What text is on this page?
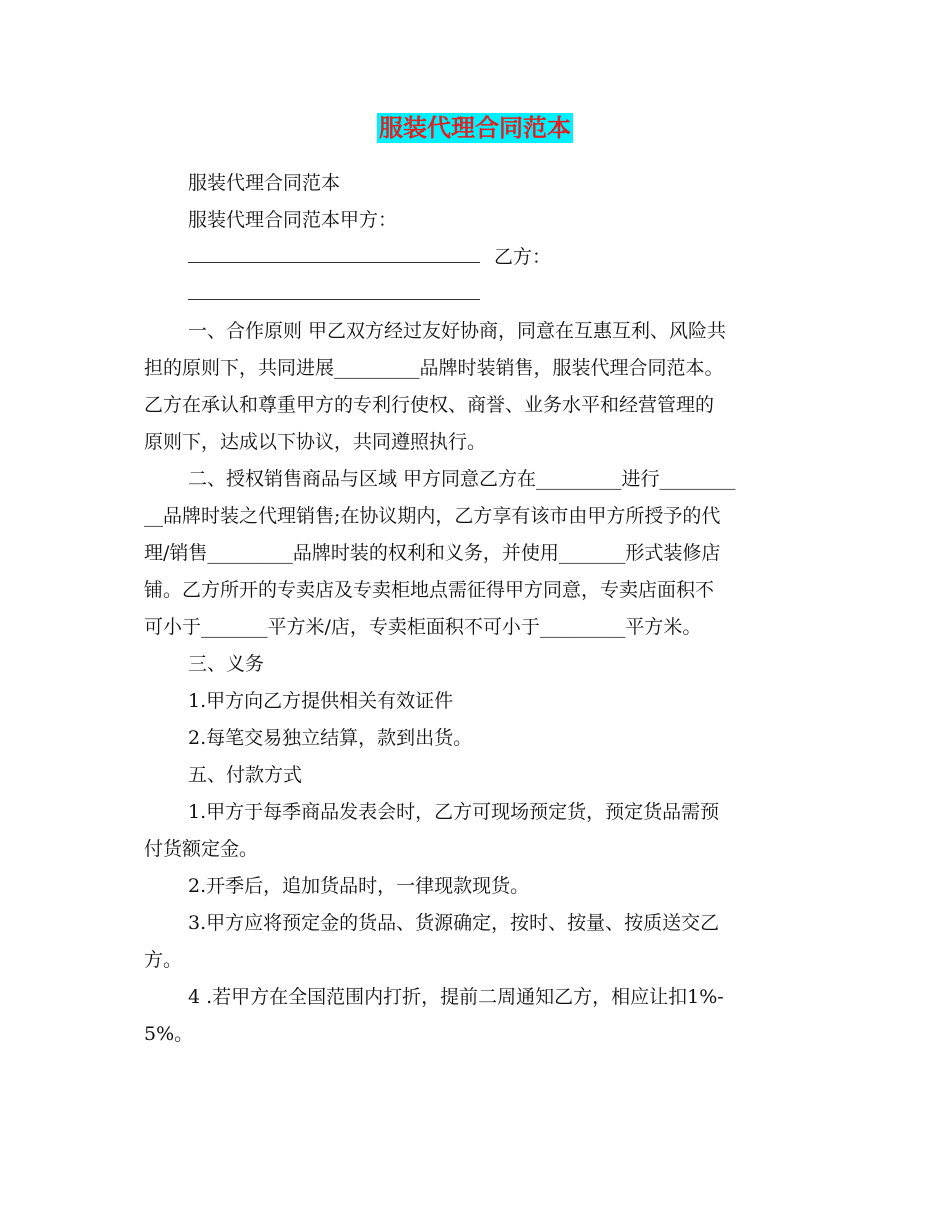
服装代理合同范本
服装代理合同范本
服装代理合同范本甲方：
乙方：
一、合作原则 甲乙双方经过友好协商，同意在互惠互利、风险共
担的原则下，共同进展_________品牌时装销售，服装代理合同范本。
乙方在承认和尊重甲方的专利行使权、商誉、业务水平和经营管理的
原则下，达成以下协议，共同遵照执行。
二、授权销售商品与区域 甲方同意乙方在_________进行________
__品牌时装之代理销售;在协议期内，乙方享有该市由甲方所授予的代
理/销售_________品牌时装的权利和义务，并使用_______形式装修店
铺。乙方所开的专卖店及专卖柜地点需征得甲方同意，专卖店面积不
可小于_______平方米/店，专卖柜面积不可小于_________平方米。
三、义务
1.甲方向乙方提供相关有效证件
2.每笔交易独立结算，款到出货。
五、付款方式
1.甲方于每季商品发表会时，乙方可现场预定货，预定货品需预
付货额定金。
2.开季后，追加货品时，一律现款现货。
3.甲方应将预定金的货品、货源确定，按时、按量、按质送交乙
方。
4 .若甲方在全国范围内打折，提前二周通知乙方，相应让扣1%-
5%。
